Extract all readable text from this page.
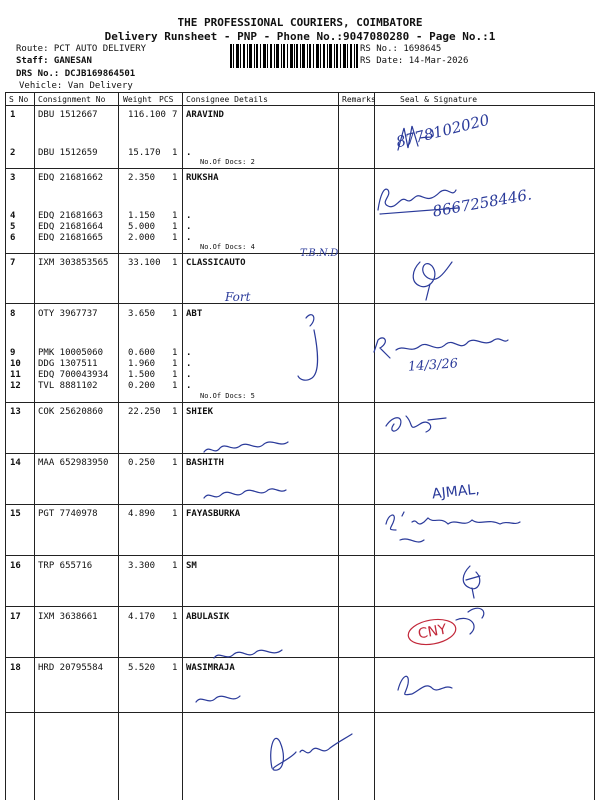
THE PROFESSIONAL COURIERS, COIMBATORE
Delivery Runsheet - PNP - Phone No.:9047080280 - Page No.:1
Route: PCT AUTO DELIVERY
Staff: GANESAN
DRS No.: DCJB169864501
Vehicle: Van Delivery
RS No.: 1698645
RS Date: 14-Mar-2026
S No Consignment No Weight PCS Consignee Details	Remarks	Seal & Signature
1	DBU 1512667	116.100 7 ARAVIND
2	DBU 1512659	15.170 1 .
No.Of Docs: 2
3	EDQ 21681662	2.350 1 RUKSHA
4	EDQ 21681663	1.150 1 .
5	EDQ 21681664	5.000 1 .
6	EDQ 21681665	2.000 1 .
No.Of Docs: 4
7	IXM 303853565 33.100 1 CLASSICAUTO
8	OTY 3967737	3.650 1 ABT
9	PMK 10005060	0.600 1 .
10 DDG 1307511	1.960 1 .
11 EDQ 700043934 1.500 1 .
12 TVL 8881102	0.200 1 .
No.Of Docs: 5
13 COK 25620860	22.250 1 SHIEK
14 MAA 652983950 0.250 1 BASHITH
15 PGT 7740978	4.890 1 FAYASBURKA
16 TRP 655716	3.300 1 SM
17 IXM 3638661	4.170 1 ABULASIK
18 HRD 20795584	5.520 1 WASIMRAJA
8778102020
8667258446.
14/3/26
AJMAL,
Fort
T.B.N.D
CNY
